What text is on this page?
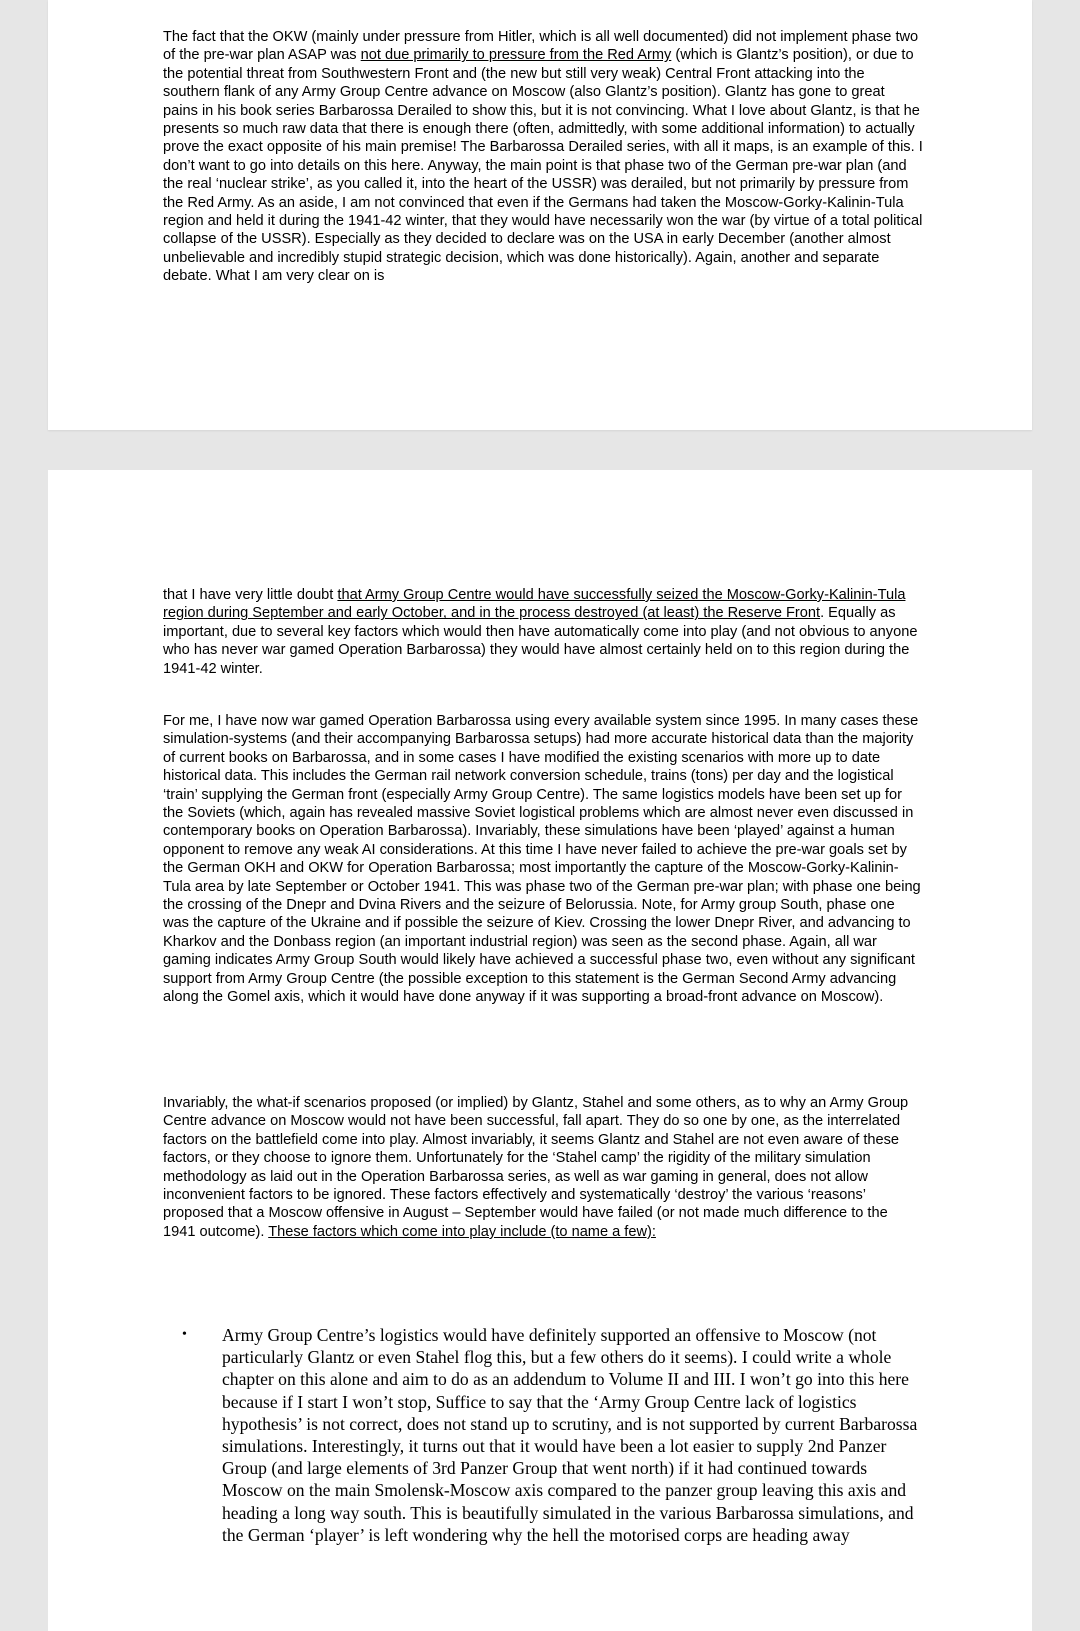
The fact that the OKW (mainly under pressure from Hitler, which is all well documented) did not implement phase two of the pre-war plan ASAP was not due primarily to pressure from the Red Army (which is Glantz’s position), or due to the potential threat from Southwestern Front and (the new but still very weak) Central Front attacking into the southern flank of any Army Group Centre advance on Moscow (also Glantz’s position). Glantz has gone to great pains in his book series Barbarossa Derailed to show this, but it is not convincing. What I love about Glantz, is that he presents so much raw data that there is enough there (often, admittedly, with some additional information) to actually prove the exact opposite of his main premise! The Barbarossa Derailed series, with all it maps, is an example of this. I don’t want to go into details on this here. Anyway, the main point is that phase two of the German pre-war plan (and the real ‘nuclear strike’, as you called it, into the heart of the USSR) was derailed, but not primarily by pressure from the Red Army. As an aside, I am not convinced that even if the Germans had taken the Moscow-Gorky-Kalinin-Tula region and held it during the 1941-42 winter, that they would have necessarily won the war (by virtue of a total political collapse of the USSR). Especially as they decided to declare was on the USA in early December (another almost unbelievable and incredibly stupid strategic decision, which was done historically). Again, another and separate debate. What I am very clear on is

that I have very little doubt that Army Group Centre would have successfully seized the Moscow-Gorky-Kalinin-Tula region during September and early October, and in the process destroyed (at least) the Reserve Front. Equally as important, due to several key factors which would then have automatically come into play (and not obvious to anyone who has never war gamed Operation Barbarossa) they would have almost certainly held on to this region during the 1941-42 winter.

For me, I have now war gamed Operation Barbarossa using every available system since 1995. In many cases these simulation-systems (and their accompanying Barbarossa setups) had more accurate historical data than the majority of current books on Barbarossa, and in some cases I have modified the existing scenarios with more up to date historical data. This includes the German rail network conversion schedule, trains (tons) per day and the logistical ‘train’ supplying the German front (especially Army Group Centre). The same logistics models have been set up for the Soviets (which, again has revealed massive Soviet logistical problems which are almost never even discussed in contemporary books on Operation Barbarossa). Invariably, these simulations have been ‘played’ against a human opponent to remove any weak AI considerations. At this time I have never failed to achieve the pre-war goals set by the German OKH and OKW for Operation Barbarossa; most importantly the capture of the Moscow-Gorky-Kalinin-Tula area by late September or October 1941. This was phase two of the German pre-war plan; with phase one being the crossing of the Dnepr and Dvina Rivers and the seizure of Belorussia. Note, for Army group South, phase one was the capture of the Ukraine and if possible the seizure of Kiev. Crossing the lower Dnepr River, and advancing to Kharkov and the Donbass region (an important industrial region) was seen as the second phase. Again, all war gaming indicates Army Group South would likely have achieved a successful phase two, even without any significant support from Army Group Centre (the possible exception to this statement is the German Second Army advancing along the Gomel axis, which it would have done anyway if it was supporting a broad-front advance on Moscow).

Invariably, the what-if scenarios proposed (or implied) by Glantz, Stahel and some others, as to why an Army Group Centre advance on Moscow would not have been successful, fall apart. They do so one by one, as the interrelated factors on the battlefield come into play. Almost invariably, it seems Glantz and Stahel are not even aware of these factors, or they choose to ignore them. Unfortunately for the ‘Stahel camp’ the rigidity of the military simulation methodology as laid out in the Operation Barbarossa series, as well as war gaming in general, does not allow inconvenient factors to be ignored. These factors effectively and systematically ‘destroy’ the various ‘reasons’ proposed that a Moscow offensive in August – September would have failed (or not made much difference to the 1941 outcome). These factors which come into play include (to name a few):

• Army Group Centre’s logistics would have definitely supported an offensive to Moscow (not particularly Glantz or even Stahel flog this, but a few others do it seems). I could write a whole chapter on this alone and aim to do as an addendum to Volume II and III. I won’t go into this here because if I start I won’t stop, Suffice to say that the ‘Army Group Centre lack of logistics hypothesis’ is not correct, does not stand up to scrutiny, and is not supported by current Barbarossa simulations. Interestingly, it turns out that it would have been a lot easier to supply 2nd Panzer Group (and large elements of 3rd Panzer Group that went north) if it had continued towards Moscow on the main Smolensk-Moscow axis compared to the panzer group leaving this axis and heading a long way south. This is beautifully simulated in the various Barbarossa simulations, and the German ‘player’ is left wondering why the hell the motorised corps are heading away
